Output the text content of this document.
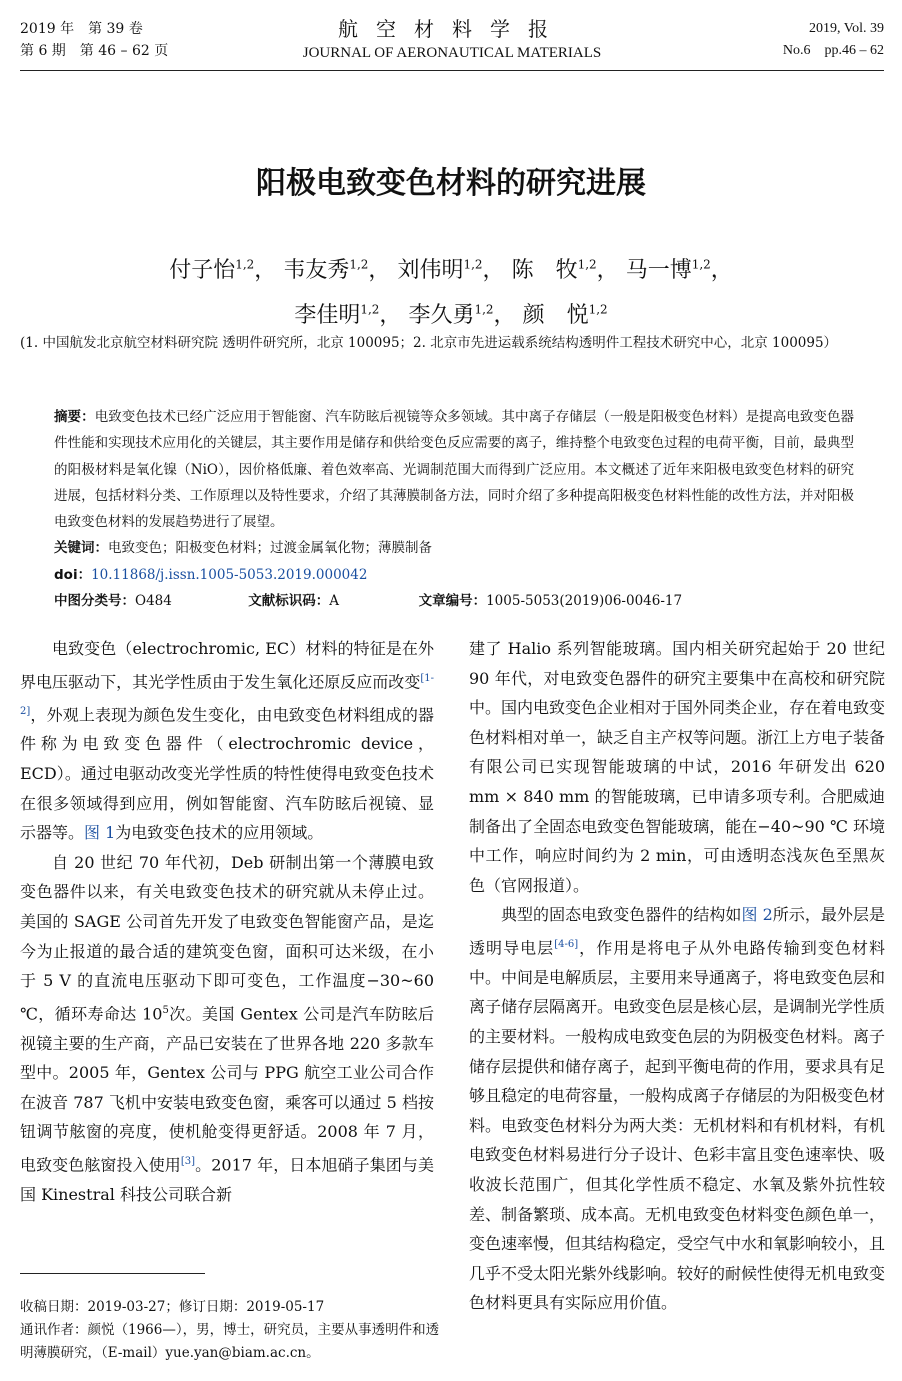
2019 年　第 39 卷
第 6 期　第 46 – 62 页
航空材料学报
JOURNAL OF AERONAUTICAL MATERIALS
2019, Vol. 39
No.6　pp.46 – 62
阳极电致变色材料的研究进展
付子怡$^{1,2}$， 韦友秀$^{1,2}$， 刘伟明$^{1,2}$， 陈　牧$^{1,2}$， 马一博$^{1,2}$，
李佳明$^{1,2}$， 李久勇$^{1,2}$， 颜　悦$^{1,2}$
(1. 中国航发北京航空材料研究院 透明件研究所，北京 100095；2. 北京市先进运载系统结构透明件工程技术研究中心，北京 100095）
摘要：电致变色技术已经广泛应用于智能窗、汽车防眩后视镜等众多领域。其中离子存储层（一般是阳极变色材料）是提高电致变色器件性能和实现技术应用化的关键层，其主要作用是储存和供给变色反应需要的离子，维持整个电致变色过程的电荷平衡，目前，最典型的阳极材料是氧化镍（NiO），因价格低廉、着色效率高、光调制范围大而得到广泛应用。本文概述了近年来阳极电致变色材料的研究进展，包括材料分类、工作原理以及特性要求，介绍了其薄膜制备方法，同时介绍了多种提高阳极变色材料性能的改性方法，并对阳极电致变色材料的发展趋势进行了展望。
关键词：电致变色；阳极变色材料；过渡金属氧化物；薄膜制备
doi：10.11868/j.issn.1005-5053.2019.000042
中图分类号：O484	文献标识码：A	文章编号：1005-5053(2019)06-0046-17

电致变色（electrochromic, EC）材料的特征是在外界电压驱动下，其光学性质由于发生氧化还原反应而改变[1-2]，外观上表现为颜色发生变化，由电致变色材料组成的器件称为电致变色器件（electrochromic device，ECD）。通过电驱动改变光学性质的特性使得电致变色技术在很多领域得到应用，例如智能窗、汽车防眩后视镜、显示器等。图 1为电致变色技术的应用领域。

自 20 世纪 70 年代初，Deb 研制出第一个薄膜电致变色器件以来，有关电致变色技术的研究就从未停止过。美国的 SAGE 公司首先开发了电致变色智能窗产品，是迄今为止报道的最合适的建筑变色窗，面积可达米级，在小于 5 V 的直流电压驱动下即可变色，工作温度−30~60 ℃，循环寿命达 $10^5$次。美国 Gentex 公司是汽车防眩后视镜主要的生产商，产品已安装在了世界各地 220 多款车型中。2005 年，Gentex 公司与 PPG 航空工业公司合作在波音 787 飞机中安装电致变色窗，乘客可以通过 5 档按钮调节舷窗的亮度，使机舱变得更舒适。2008 年 7 月，电致变色舷窗投入使用[3]。2017 年，日本旭硝子集团与美国 Kinestral 科技公司联合新

建了 Halio 系列智能玻璃。国内相关研究起始于 20 世纪 90 年代，对电致变色器件的研究主要集中在高校和研究院中。国内电致变色企业相对于国外同类企业，存在着电致变色材料相对单一，缺乏自主产权等问题。浙江上方电子装备有限公司已实现智能玻璃的中试，2016 年研发出 620 mm × 840 mm 的智能玻璃，已申请多项专利。合肥威迪制备出了全固态电致变色智能玻璃，能在−40~90 ℃ 环境中工作，响应时间约为 2 min，可由透明态浅灰色至黑灰色（官网报道）。

典型的固态电致变色器件的结构如图 2所示，最外层是透明导电层[4-6]，作用是将电子从外电路传输到变色材料中。中间是电解质层，主要用来导通离子，将电致变色层和离子储存层隔离开。电致变色层是核心层，是调制光学性质的主要材料。一般构成电致变色层的为阴极变色材料。离子储存层提供和储存离子，起到平衡电荷的作用，要求具有足够且稳定的电荷容量，一般构成离子存储层的为阳极变色材料。电致变色材料分为两大类：无机材料和有机材料，有机电致变色材料易进行分子设计、色彩丰富且变色速率快、吸收波长范围广，但其化学性质不稳定、水氧及紫外抗性较差、制备繁琐、成本高。无机电致变色材料变色颜色单一，变色速率慢，但其结构稳定，受空气中水和氧影响较小，且几乎不受太阳光紫外线影响。较好的耐候性使得无机电致变色材料更具有实际应用价值。

收稿日期：2019-03-27；修订日期：2019-05-17
通讯作者：颜悦（1966—），男，博士，研究员，主要从事透明件和透明薄膜研究，（E-mail）yue.yan@biam.ac.cn。
